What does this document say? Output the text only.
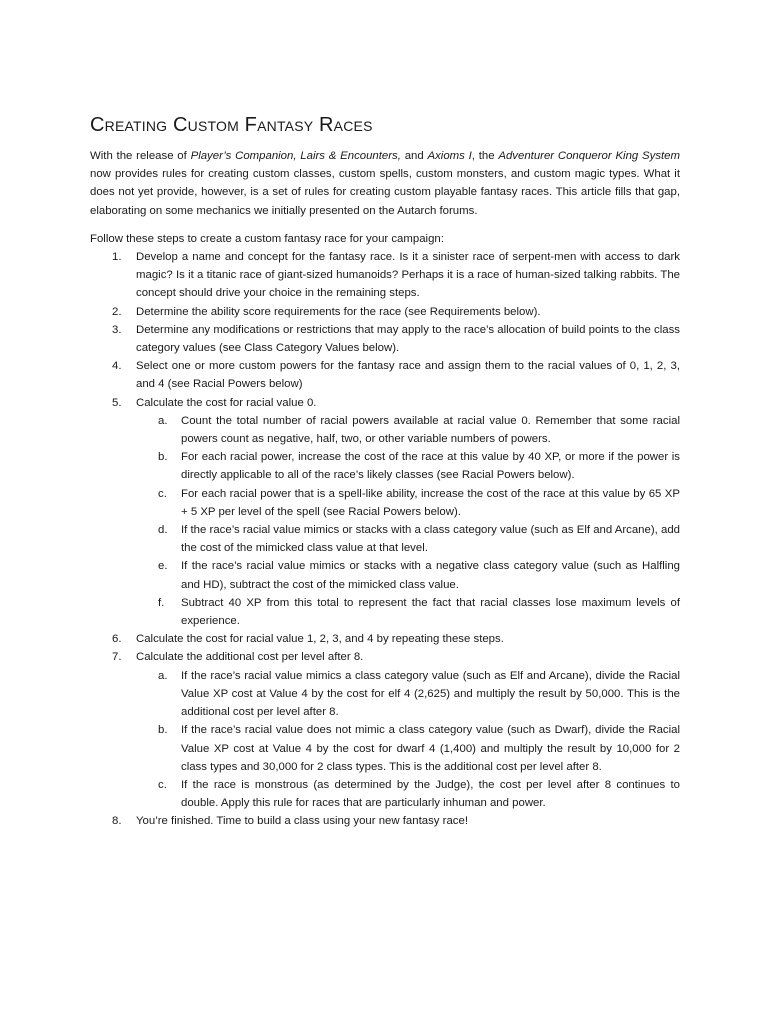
Creating Custom Fantasy Races

With the release of Player’s Companion, Lairs & Encounters, and Axioms I, the Adventurer Conqueror King System now provides rules for creating custom classes, custom spells, custom monsters, and custom magic types. What it does not yet provide, however, is a set of rules for creating custom playable fantasy races. This article fills that gap, elaborating on some mechanics we initially presented on the Autarch forums.

Follow these steps to create a custom fantasy race for your campaign:

1. Develop a name and concept for the fantasy race. Is it a sinister race of serpent-men with access to dark magic? Is it a titanic race of giant-sized humanoids? Perhaps it is a race of human-sized talking rabbits. The concept should drive your choice in the remaining steps.
2. Determine the ability score requirements for the race (see Requirements below).
3. Determine any modifications or restrictions that may apply to the race’s allocation of build points to the class category values (see Class Category Values below).
4. Select one or more custom powers for the fantasy race and assign them to the racial values of 0, 1, 2, 3, and 4 (see Racial Powers below)
5. Calculate the cost for racial value 0.
a. Count the total number of racial powers available at racial value 0. Remember that some racial powers count as negative, half, two, or other variable numbers of powers.
b. For each racial power, increase the cost of the race at this value by 40 XP, or more if the power is directly applicable to all of the race’s likely classes (see Racial Powers below).
c. For each racial power that is a spell-like ability, increase the cost of the race at this value by 65 XP + 5 XP per level of the spell (see Racial Powers below).
d. If the race’s racial value mimics or stacks with a class category value (such as Elf and Arcane), add the cost of the mimicked class value at that level.
e. If the race’s racial value mimics or stacks with a negative class category value (such as Halfling and HD), subtract the cost of the mimicked class value.
f. Subtract 40 XP from this total to represent the fact that racial classes lose maximum levels of experience.
6. Calculate the cost for racial value 1, 2, 3, and 4 by repeating these steps.
7. Calculate the additional cost per level after 8.
a. If the race’s racial value mimics a class category value (such as Elf and Arcane), divide the Racial Value XP cost at Value 4 by the cost for elf 4 (2,625) and multiply the result by 50,000. This is the additional cost per level after 8.
b. If the race’s racial value does not mimic a class category value (such as Dwarf), divide the Racial Value XP cost at Value 4 by the cost for dwarf 4 (1,400) and multiply the result by 10,000 for 2 class types and 30,000 for 2 class types. This is the additional cost per level after 8.
c. If the race is monstrous (as determined by the Judge), the cost per level after 8 continues to double. Apply this rule for races that are particularly inhuman and power.
8. You’re finished. Time to build a class using your new fantasy race!
